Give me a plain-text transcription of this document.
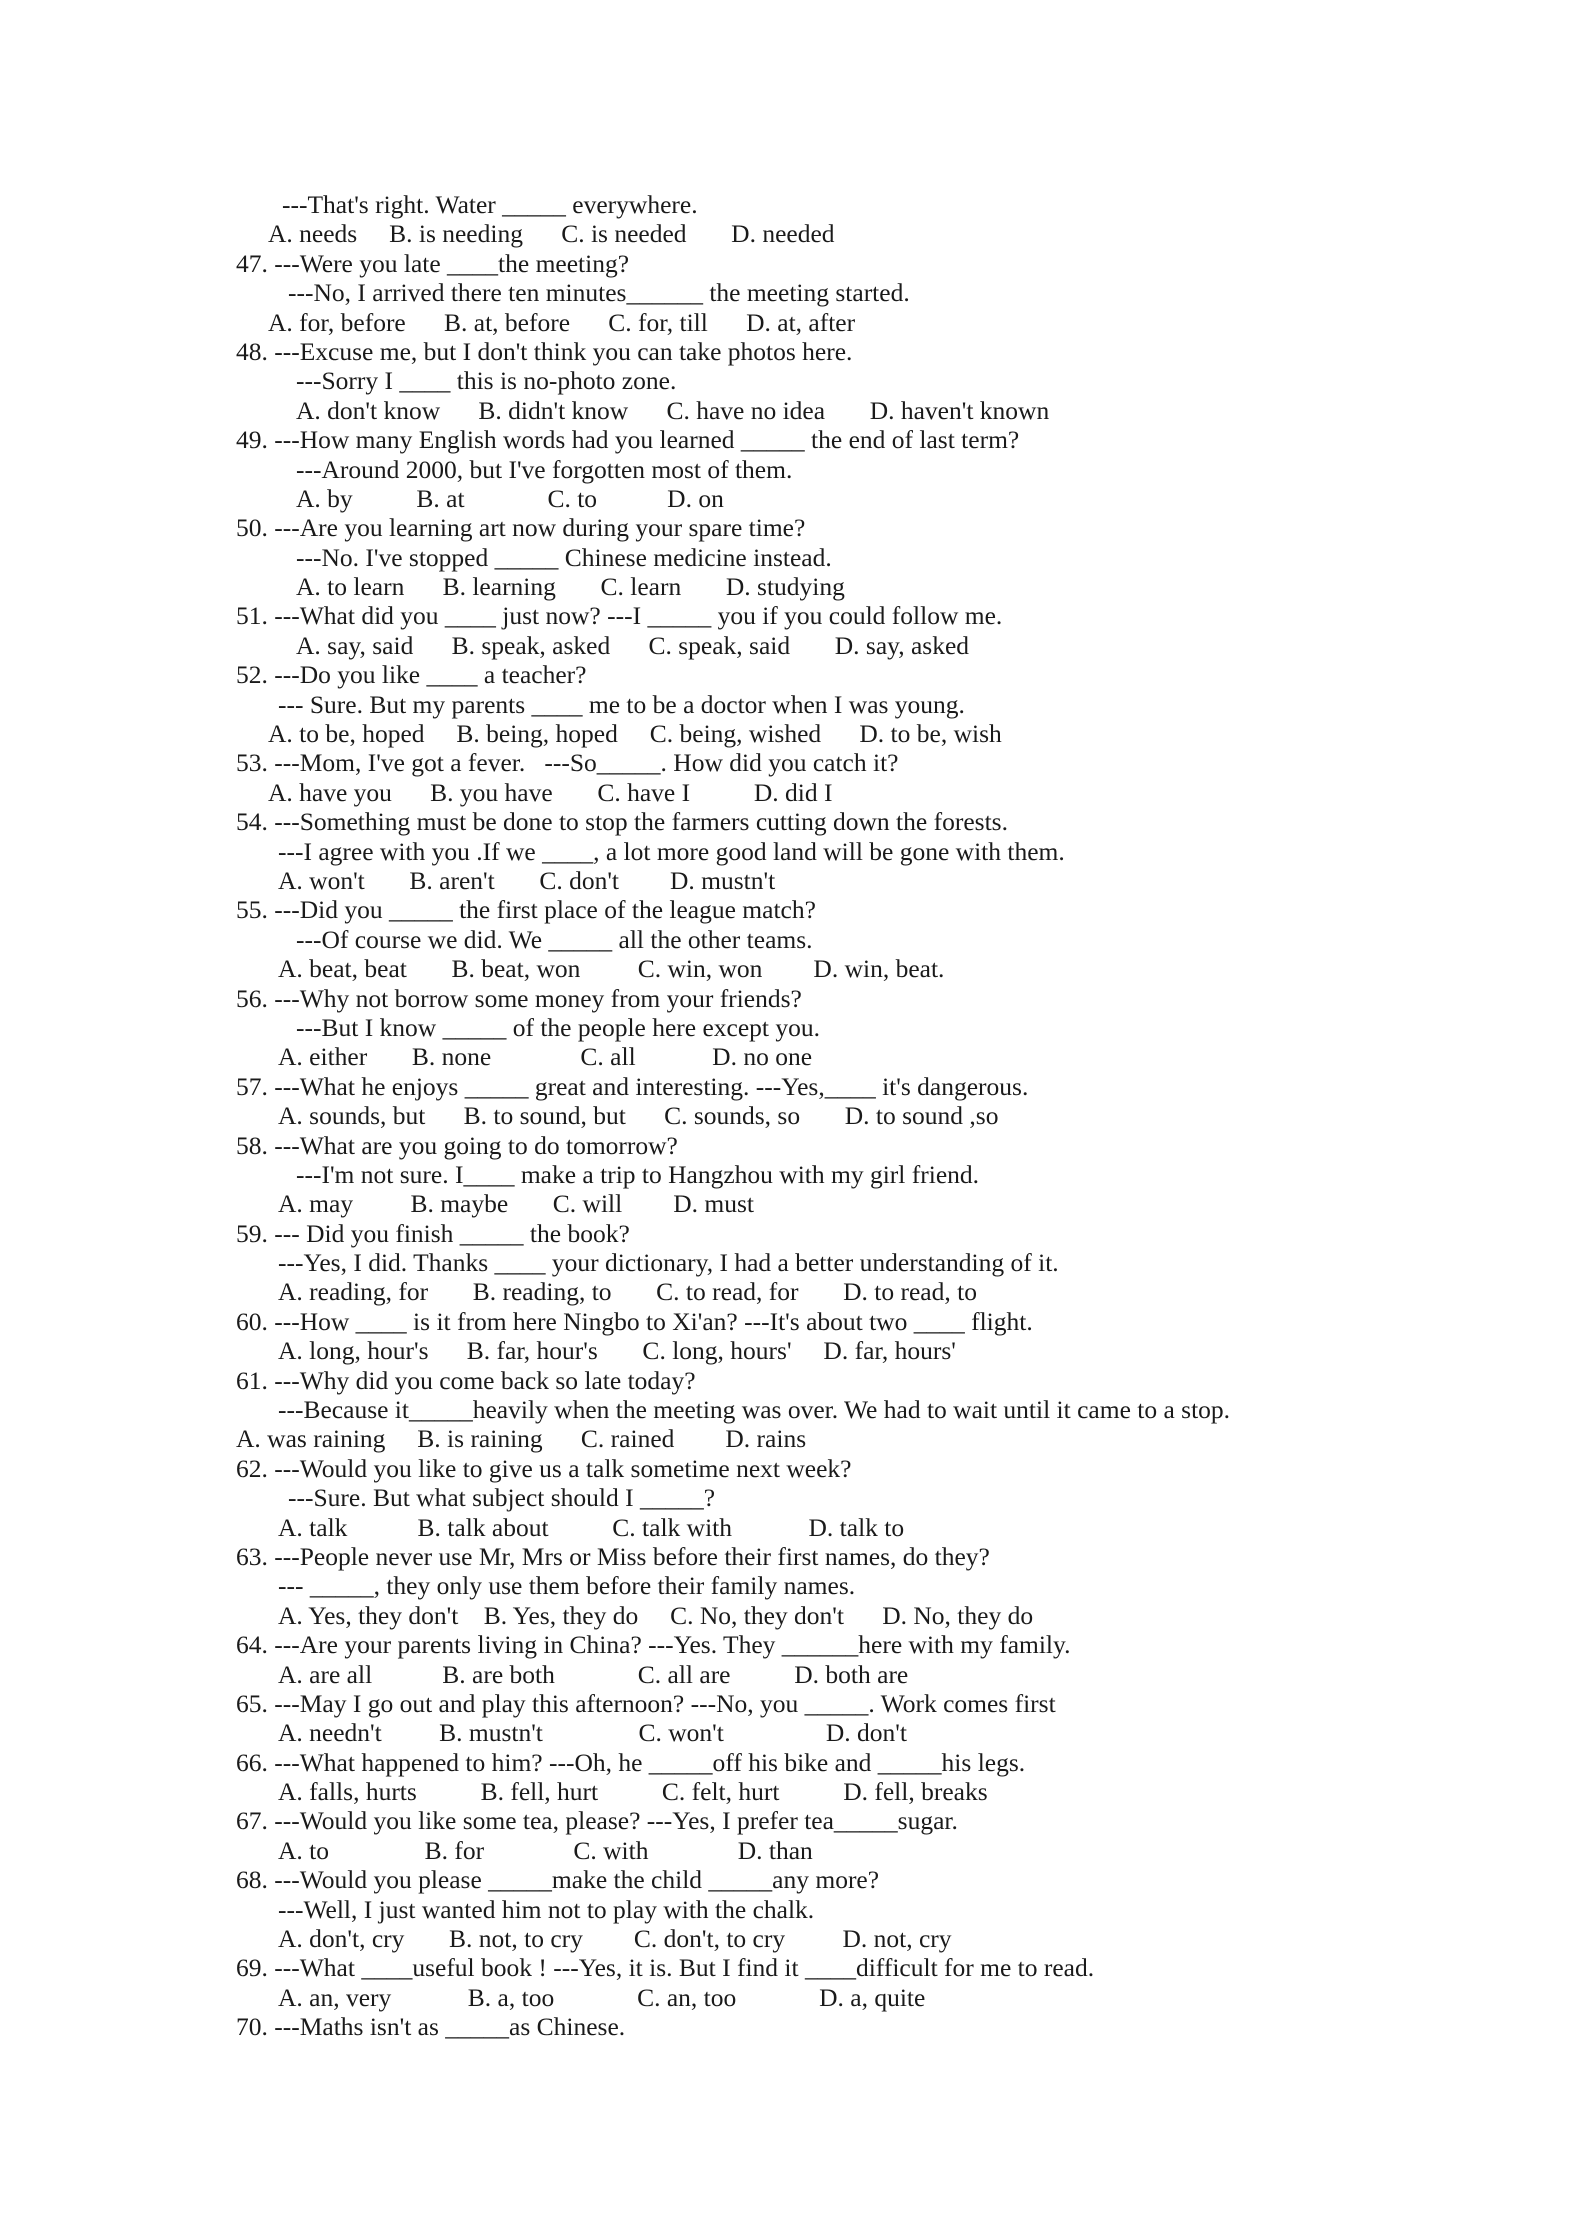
---That's right. Water _____ everywhere.
A. needs     B. is needing      C. is needed       D. needed
47. ---Were you late ____the meeting?
---No, I arrived there ten minutes______ the meeting started.
A. for, before      B. at, before      C. for, till      D. at, after
48. ---Excuse me, but I don't think you can take photos here.
---Sorry I ____ this is no-photo zone.
A. don't know      B. didn't know      C. have no idea       D. haven't known
49. ---How many English words had you learned _____ the end of last term?
---Around 2000, but I've forgotten most of them.
A. by          B. at             C. to           D. on
50. ---Are you learning art now during your spare time?
---No. I've stopped _____ Chinese medicine instead.
A. to learn      B. learning       C. learn       D. studying
51. ---What did you ____ just now? ---I _____ you if you could follow me.
A. say, said      B. speak, asked      C. speak, said       D. say, asked
52. ---Do you like ____ a teacher?
--- Sure. But my parents ____ me to be a doctor when I was young.
A. to be, hoped     B. being, hoped     C. being, wished      D. to be, wish
53. ---Mom, I've got a fever.   ---So_____. How did you catch it?
A. have you      B. you have       C. have I          D. did I
54. ---Something must be done to stop the farmers cutting down the forests.
---I agree with you .If we ____, a lot more good land will be gone with them.
A. won't       B. aren't       C. don't        D. mustn't
55. ---Did you _____ the first place of the league match?
---Of course we did. We _____ all the other teams.
A. beat, beat       B. beat, won         C. win, won        D. win, beat.
56. ---Why not borrow some money from your friends?
---But I know _____ of the people here except you.
A. either       B. none              C. all            D. no one
57. ---What he enjoys _____ great and interesting. ---Yes,____ it's dangerous.
A. sounds, but      B. to sound, but      C. sounds, so       D. to sound ,so
58. ---What are you going to do tomorrow?
---I'm not sure. I____ make a trip to Hangzhou with my girl friend.
A. may         B. maybe       C. will        D. must
59. --- Did you finish _____ the book?
---Yes, I did. Thanks ____ your dictionary, I had a better understanding of it.
A. reading, for       B. reading, to       C. to read, for       D. to read, to
60. ---How ____ is it from here Ningbo to Xi'an? ---It's about two ____ flight.
A. long, hour's      B. far, hour's       C. long, hours'     D. far, hours'
61. ---Why did you come back so late today?
---Because it_____heavily when the meeting was over. We had to wait until it came to a stop.
A. was raining     B. is raining      C. rained        D. rains
62. ---Would you like to give us a talk sometime next week?
---Sure. But what subject should I _____?
A. talk           B. talk about          C. talk with            D. talk to
63. ---People never use Mr, Mrs or Miss before their first names, do they?
--- _____, they only use them before their family names.
A. Yes, they don't    B. Yes, they do     C. No, they don't      D. No, they do
64. ---Are your parents living in China? ---Yes. They ______here with my family.
A. are all           B. are both             C. all are          D. both are
65. ---May I go out and play this afternoon? ---No, you _____. Work comes first
A. needn't         B. mustn't               C. won't                D. don't
66. ---What happened to him? ---Oh, he _____off his bike and _____his legs.
A. falls, hurts          B. fell, hurt          C. felt, hurt          D. fell, breaks
67. ---Would you like some tea, please? ---Yes, I prefer tea_____sugar.
A. to               B. for              C. with              D. than
68. ---Would you please _____make the child _____any more?
---Well, I just wanted him not to play with the chalk.
A. don't, cry       B. not, to cry        C. don't, to cry         D. not, cry
69. ---What ____useful book ! ---Yes, it is. But I find it ____difficult for me to read.
A. an, very            B. a, too             C. an, too             D. a, quite
70. ---Maths isn't as _____as Chinese.
